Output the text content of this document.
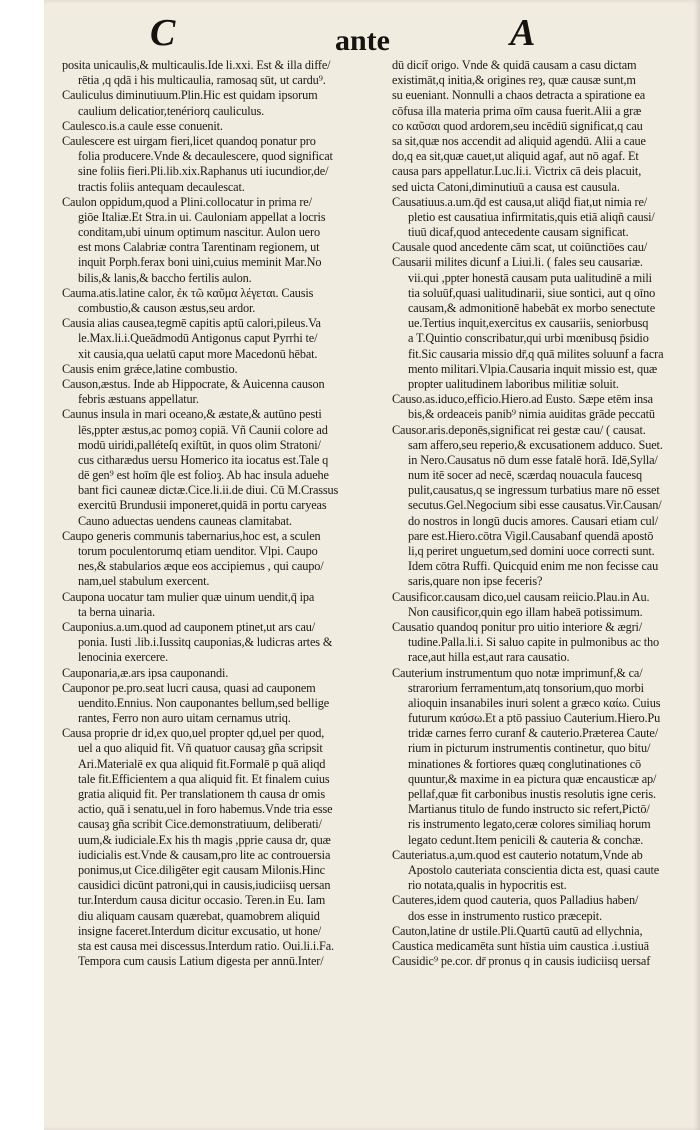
C	ante	A
posita unicaulis,& multicaulis.Ide li.xxi. Est & illa diffe/
rētia ,q qdā i his multicaulia, ramosaq sūt, ut cardu⁹.
Cauliculus diminutiuum.Plin.Hic est quidam ipsorum
caulium delicatior,tenériorq cauliculus.
Caulesco.is.a caule esse conuenit.
Caulescere est uirgam fieri,licet quandoq ponatur pro
folia producere.Vnde & decaulescere, quod significat
sine foliis fieri.Pli.lib.xix.Raphanus uti iucundior,de/
tractis foliis antequam decaulescat.
Caulon oppidum,quod a Plini.collocatur in prima re/
giōe Italiæ.Et Stra.in ui. Cauloniam appellat a locris
conditam,ubi uinum optimum nascitur. Aulon uero
est mons Calabriæ contra Tarentinam regionem, ut
inquit Porph.ferax boni uini,cuius meminit Mar.No
bilis,& lanis,& baccho fertilis aulon.
Cauma.atis.latine calor, ἐκ τῶ καῦμα λέγεται. Causis
combustio,& causon æstus,seu ardor.
Causia alias causea,tegmē capitis aptū calori,pileus.Va
le.Max.li.i.Queādmodū Antigonus caput Pyrrhi te/
xit causia,qua uelatū caput more Macedonū hēbat.
Causis enim grǽce,latine combustio.
Causon,æstus. Inde ab Hippocrate, & Auicenna causon
febris æstuans appellatur.
Caunus insula in mari oceano,& æstate,& autūno pesti
lēs,ppter æstus,ac pomoȝ copiā. Vñ Caunii colore ad
modū uiridi,palléteſq exiſtūt, in quos olim Stratoni/
cus citharædus uersu Homerico ita iocatus est.Tale q
dē gen⁹ est hoīm q̄le est folioȝ. Ab hac insula aduehe
bant fici cauneæ dictæ.Cice.li.ii.de diui. Cū M.Crassus
exercitū Brundusii imponeret,quidā in portu caryeas
Cauno aduectas uendens cauneas clamitabat.
Caupo generis communis tabernarius,hoc est, a sculen
torum poculentorumq etiam uenditor. Vlpi. Caupo
nes,& stabularios æque eos accipiemus , qui caupo/
nam,uel stabulum exercent.
Caupona uocatur tam mulier quæ uinum uendit,q̄ ipa
ta berna uinaria.
Cauponius.a.um.quod ad cauponem ptinet,ut ars cau/
ponia. Iusti .lib.i.Iussitq cauponias,& ludicras artes &
lenocinia exercere.
Cauponaria,æ.ars ipsa cauponandi.
Cauponor pe.pro.seat lucri causa, quasi ad cauponem
uendito.Ennius. Non cauponantes bellum,sed bellige
rantes, Ferro non auro uitam cernamus utriq.
Causa proprie dr id,ex quo,uel propter qd,uel per quod,
uel a quo aliquid fit. Vñ quatuor causaȝ gña scripsit
Ari.Materialē ex qua aliquid fit.Formalē p quā aliqd
tale fit.Efficientem a qua aliquid fit. Et finalem cuius
gratia aliquid fit. Per translationem th causa dr omis
actio, quā i senatu,uel in foro habemus.Vnde tria esse
causaȝ gña scribit Cice.demonstratiuum, deliberati/
uum,& iudiciale.Ex his th magis ,pprie causa dr, quæ
iudicialis est.Vnde & causam,pro lite ac controuersia
ponimus,ut Cice.diligēter egit causam Milonis.Hinc
causidici dicūnt patroni,qui in causis,iudiciisq uersan
tur.Interdum causa dicitur occasio. Teren.in Eu. Iam
diu aliquam causam quærebat, quamobrem aliquid
insigne faceret.Interdum dicitur excusatio, ut hone/
sta est causa mei discessus.Interdum ratio. Oui.li.i.Fa.
Tempora cum causis Latium digesta per annū.Inter/
dū dicit̄ origo. Vnde & quidā causam a casu dictam
existimāt,q initia,& origines reȝ, quæ causæ sunt,m
su eueniant. Nonnulli a chaos detracta a spiratione ea
cōfusa illa materia prima oīm causa fuerit.Alii a græ
co καῦσαι quod ardorem,seu incēdiū significat,q cau
sa sit,quæ nos accendit ad aliquid agendū. Alii a caue
do,q ea sit,quæ cauet,ut aliquid agaf, aut nō agaf. Et
causa pars appellatur.Luc.li.i. Victrix cā deis placuit,
sed uicta Catoni,diminutiuū a causa est causula.
Causatiuus.a.um.q̄d est causa,ut aliq̄d fiat,ut nimia re/
pletio est causatiua infirmitatis,quis etiā aliqñ causi/
tiuū dicaf,quod antecedente causam significat.
Causale quod ancedente cām scat, ut coiūnctiōes cau/
Causarii milites dicunf a Liui.li. ( fales seu causariæ.
vii.qui ,ppter honestā causam puta ualitudinē a mili
tia soluūf,quasi ualitudinarii, siue sontici, aut q oīno
causam,& admonitionē habebāt ex morbo senectute
ue.Tertius inquit,exercitus ex causariis, seniorbusq
a T.Quintio conscribatur,qui urbi mœnibusq p̄sidio
fit.Sic causaria missio dr̄,q quā milites soluunf a facra
mento militari.Vlpia.Causaria inquit missio est, quæ
propter ualitudinem laboribus militiæ soluit.
Causo.as.iduco,efficio.Hiero.ad Eusto. Sæpe etēm insa
bis,& ordeaceis panib⁹ nimia auiditas grāde peccatū
Causor.aris.deponēs,significat rei gestæ cau/ ( causat.
sam affero,seu reperio,& excusationem adduco. Suet.
in Nero.Causatus nō dum esse fatalē horā. Idē,Sylla/
num itē socer ad necē, scærdaq nouacula faucesq
pulit,causatus,q se ingressum turbatius mare nō esset
secutus.Gel.Negocium sibi esse causatus.Vir.Causan/
do nostros in longū ducis amores. Causari etiam cul/
pare est.Hiero.cōtra Vigil.Causabanf quendā apostō
li,q periret unguetum,sed domini uoce correcti sunt.
Idem cōtra Ruffi. Quicquid enim me non fecisse cau
saris,quare non ipse feceris?
Causificor.causam dico,uel causam reiicio.Plau.in Au.
Non causificor,quin ego illam habeā potissimum.
Causatio quandoq ponitur pro uitio interiore & ægri/
tudine.Palla.li.i. Si saluo capite in pulmonibus ac tho
race,aut hilla est,aut rara causatio.
Cauterium instrumentum quo notæ imprimunf,& ca/
strarorium ferramentum,atq tonsorium,quo morbi
alioquin insanabiles inuri solent a græco καίω. Cuius
futurum καύσω.Et a ptō passiuo Cauterium.Hiero.Pu
tridæ carnes ferro curanf & cauterio.Præterea Caute/
rium in picturum instrumentis continetur, quo bitu/
minationes & fortiores quæq conglutinationes cō
quuntur,& maxime in ea pictura quæ encausticæ ap/
pellaf,quæ fit carbonibus inustis resolutis igne ceris.
Martianus titulo de fundo instructo sic refert,Pictō/
ris instrumento legato,ceræ colores similiaq horum
legato cedunt.Item penicili & cauteria & conchæ.
Cauteriatus.a,um.quod est cauterio notatum,Vnde ab
Apostolo cauteriata conscientia dicta est, quasi caute
rio notata,qualis in hypocritis est.
Cauteres,idem quod cauteria, quos Palladius haben/
dos esse in instrumento rustico præcepit.
Cauton,latine dr ustile.Pli.Quartū cautū ad ellychnia,
Caustica medicamēta sunt hīstia uim caustica .i.ustiuā
Causidic⁹ pe.cor. dr̄ pronus q in causis iudiciisq uersaf
